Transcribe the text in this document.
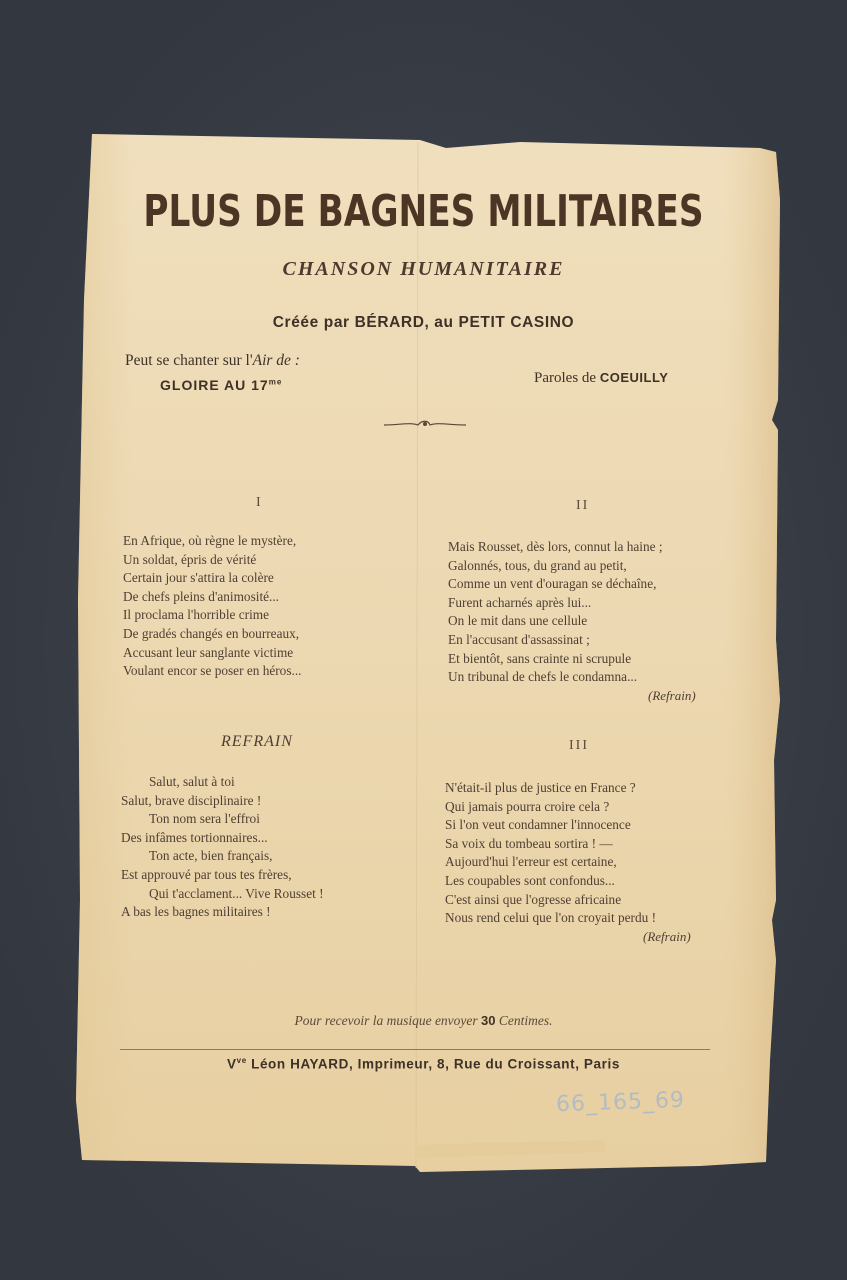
PLUS DE BAGNES MILITAIRES
CHANSON HUMANITAIRE
Créée par BÉRARD, au PETIT CASINO
Peut se chanter sur l'Air de :
GLOIRE AU $17^{me}$	Paroles de COEUILLY
I
En Afrique, où règne le mystère,
Un soldat, épris de vérité
Certain jour s'attira la colère
De chefs pleins d'animosité...
Il proclama l'horrible crime
De gradés changés en bourreaux,
Accusant leur sanglante victime
Voulant encor se poser en héros...
II
Mais Rousset, dès lors, connut la haine ;
Galonnés, tous, du grand au petit,
Comme un vent d'ouragan se déchaîne,
Furent acharnés après lui...
On le mit dans une cellule
En l'accusant d'assassinat ;
Et bientôt, sans crainte ni scrupule
Un tribunal de chefs le condamna...
(Refrain)
REFRAIN
Salut, salut à toi
Salut, brave disciplinaire !
Ton nom sera l'effroi
Des infâmes tortionnaires...
Ton acte, bien français,
Est approuvé par tous tes frères,
Qui t'acclament... Vive Rousset !
A bas les bagnes militaires !
III
N'était-il plus de justice en France ?
Qui jamais pourra croire cela ?
Si l'on veut condamner l'innocence
Sa voix du tombeau sortira ! —
Aujourd'hui l'erreur est certaine,
Les coupables sont confondus...
C'est ainsi que l'ogresse africaine
Nous rend celui que l'on croyait perdu !
(Refrain)
Pour recevoir la musique envoyer 30 Centimes.
$V^{ve}$ Léon HAYARD, Imprimeur, 8, Rue du Croissant, Paris
66_165_69
